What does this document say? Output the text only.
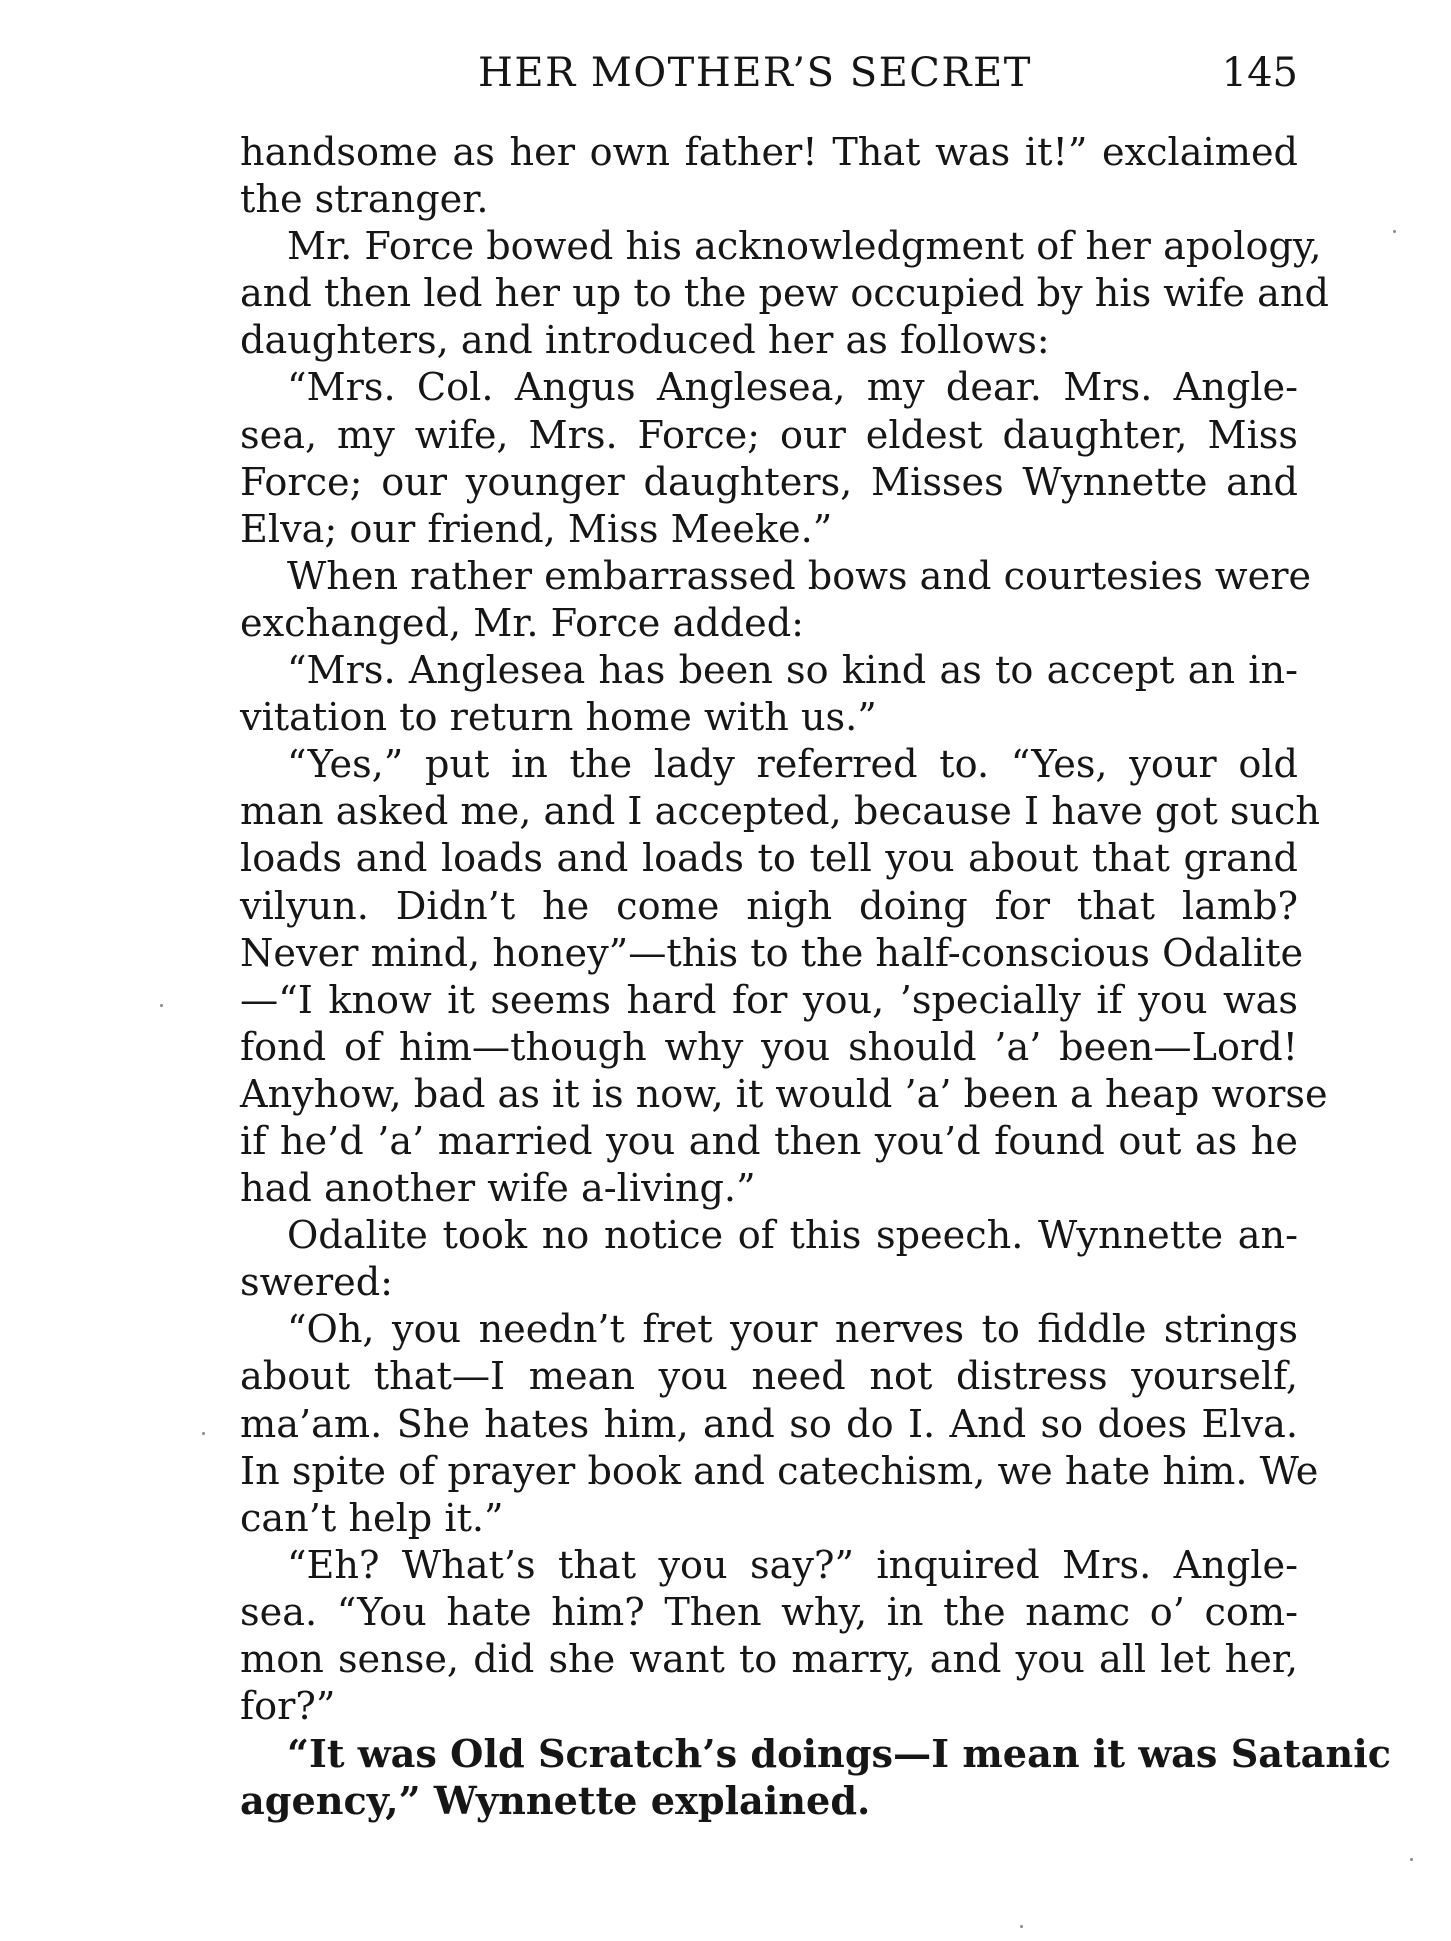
HER MOTHER’S SECRET	145
handsome as her own father! That was it!” exclaimed
the stranger.
Mr. Force bowed his acknowledgment of her apology,
and then led her up to the pew occupied by his wife and
daughters, and introduced her as follows:
“Mrs. Col. Angus Anglesea, my dear. Mrs. Angle-
sea, my wife, Mrs. Force; our eldest daughter, Miss
Force; our younger daughters, Misses Wynnette and
Elva; our friend, Miss Meeke.”
When rather embarrassed bows and courtesies were
exchanged, Mr. Force added:
“Mrs. Anglesea has been so kind as to accept an in-
vitation to return home with us.”
“Yes,” put in the lady referred to. “Yes, your old
man asked me, and I accepted, because I have got such
loads and loads and loads to tell you about that grand
vilyun. Didn’t he come nigh doing for that lamb?
Never mind, honey”—this to the half-conscious Odalite
—“I know it seems hard for you, ’specially if you was
fond of him—though why you should ’a’ been—Lord!
Anyhow, bad as it is now, it would ’a’ been a heap worse
if he’d ’a’ married you and then you’d found out as he
had another wife a-living.”
Odalite took no notice of this speech. Wynnette an-
swered:
“Oh, you needn’t fret your nerves to fiddle strings
about that—I mean you need not distress yourself,
ma’am. She hates him, and so do I. And so does Elva.
In spite of prayer book and catechism, we hate him. We
can’t help it.”
“Eh? What’s that you say?” inquired Mrs. Angle-
sea. “You hate him? Then why, in the namc o’ com-
mon sense, did she want to marry, and you all let her,
for?”
“It was Old Scratch’s doings—I mean it was Satanic
agency,” Wynnette explained.
